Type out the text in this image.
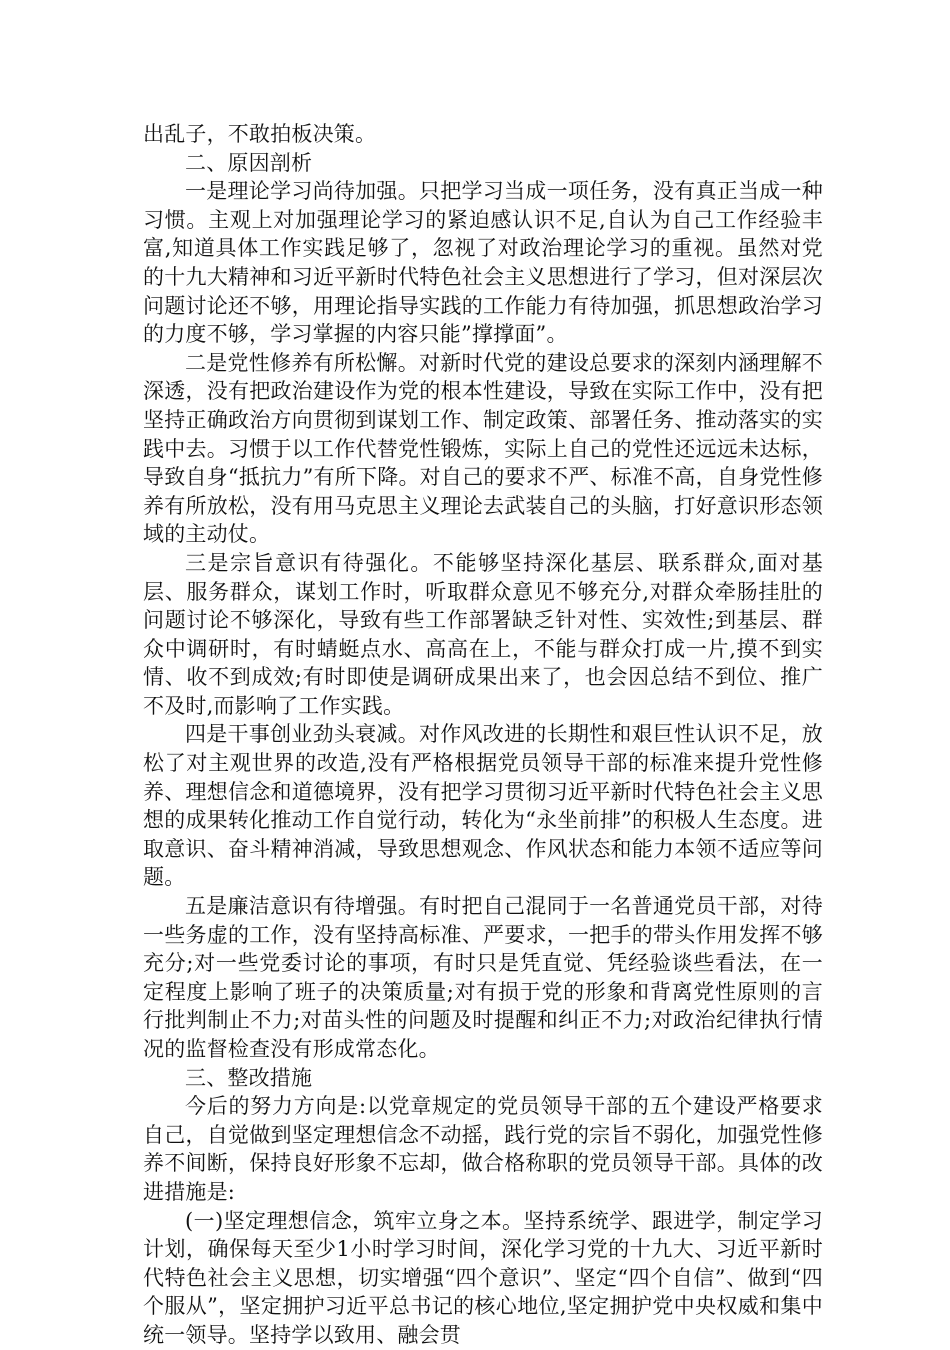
出乱子，不敢拍板决策。

二、原因剖析

一是理论学习尚待加强。只把学习当成一项任务，没有真正当成一种习惯。主观上对加强理论学习的紧迫感认识不足,自认为自己工作经验丰富,知道具体工作实践足够了，忽视了对政治理论学习的重视。虽然对党的十九大精神和习近平新时代特色社会主义思想进行了学习，但对深层次问题讨论还不够，用理论指导实践的工作能力有待加强，抓思想政治学习的力度不够，学习掌握的内容只能”撑撑面”。

二是党性修养有所松懈。对新时代党的建设总要求的深刻内涵理解不深透，没有把政治建设作为党的根本性建设，导致在实际工作中，没有把坚持正确政治方向贯彻到谋划工作、制定政策、部署任务、推动落实的实践中去。习惯于以工作代替党性锻炼，实际上自己的党性还远远未达标，导致自身“抵抗力”有所下降。对自己的要求不严、标准不高，自身党性修养有所放松，没有用马克思主义理论去武装自己的头脑，打好意识形态领域的主动仗。

三是宗旨意识有待强化。不能够坚持深化基层、联系群众,面对基层、服务群众，谋划工作时，听取群众意见不够充分,对群众牵肠挂肚的问题讨论不够深化，导致有些工作部署缺乏针对性、实效性;到基层、群众中调研时，有时蜻蜓点水、高高在上，不能与群众打成一片,摸不到实情、收不到成效;有时即使是调研成果出来了，也会因总结不到位、推广不及时,而影响了工作实践。

四是干事创业劲头衰减。对作风改进的长期性和艰巨性认识不足，放松了对主观世界的改造,没有严格根据党员领导干部的标准来提升党性修养、理想信念和道德境界，没有把学习贯彻习近平新时代特色社会主义思想的成果转化推动工作自觉行动，转化为“永坐前排”的积极人生态度。进取意识、奋斗精神消减，导致思想观念、作风状态和能力本领不适应等问题。

五是廉洁意识有待增强。有时把自己混同于一名普通党员干部，对待一些务虚的工作，没有坚持高标准、严要求，一把手的带头作用发挥不够充分;对一些党委讨论的事项，有时只是凭直觉、凭经验谈些看法，在一定程度上影响了班子的决策质量;对有损于党的形象和背离党性原则的言行批判制止不力;对苗头性的问题及时提醒和纠正不力;对政治纪律执行情况的监督检查没有形成常态化。

三、整改措施

今后的努力方向是:以党章规定的党员领导干部的五个建设严格要求自己，自觉做到坚定理想信念不动摇，践行党的宗旨不弱化，加强党性修养不间断，保持良好形象不忘却，做合格称职的党员领导干部。具体的改进措施是:

(一)坚定理想信念，筑牢立身之本。坚持系统学、跟进学，制定学习计划，确保每天至少1小时学习时间，深化学习党的十九大、习近平新时代特色社会主义思想，切实增强“四个意识”、坚定“四个自信”、做到“四个服从”，坚定拥护习近平总书记的核心地位,坚定拥护党中央权威和集中统一领导。坚持学以致用、融会贯
